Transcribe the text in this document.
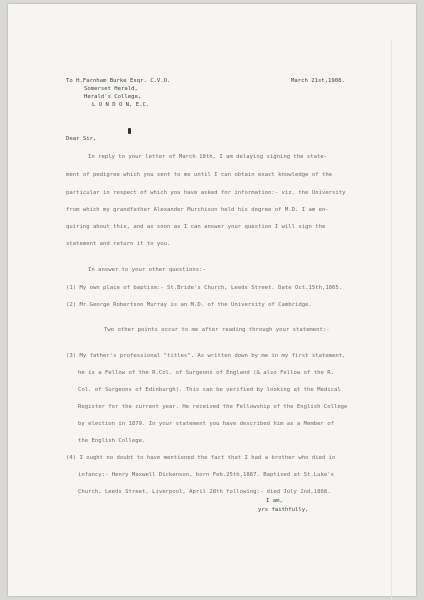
To H.Farnham Burke Esqr. C.V.O.
Somerset Herald,
Herald's College,
L O N D O N, E.C.
March 21st,1908.
Dear Sir,
In reply to your letter of March 18th, I am delaying signing the state-
ment of pedigree which you sent to me until I can obtain exact knowledge of the
particular in respect of which you have asked for information:- viz. the University
from which my grandfather Alexander Murchison held his degree of M.D. I am en-
quiring about this, and as soon as I can answer your question I will sign the
statement and return it to you.
In answer to your other questions:-
(1) My own place of baptism:- St.Bride's Church, Leeds Street. Date Oct.15th,1865.
(2) Mr.George Robertson Murray is an M.D. of the University of Cambridge.
Two other points occur to me after reading through your statement:-
(3) My father's professional "titles". As written down by me in my first statement,
he is a Fellow of the R.Col. of Surgeons of England (& also Fellow of the R.
Col. of Surgeons of Edinburgh). This can be verified by looking at the Medical
Register for the current year. He received the Fellowship of the English College
by election in 1879. In your statement you have described him as a Member of
the English College.
(4) I ought no doubt to have mentioned the fact that I had a brother who died in
infancy:- Henry Maxwell Dickenson, born Feb.25th,1867. Baptised at St.Luke's
Church, Leeds Street, Liverpool, April 28th following:- died July 2nd,1868.
I am,
yrs faithfully,
